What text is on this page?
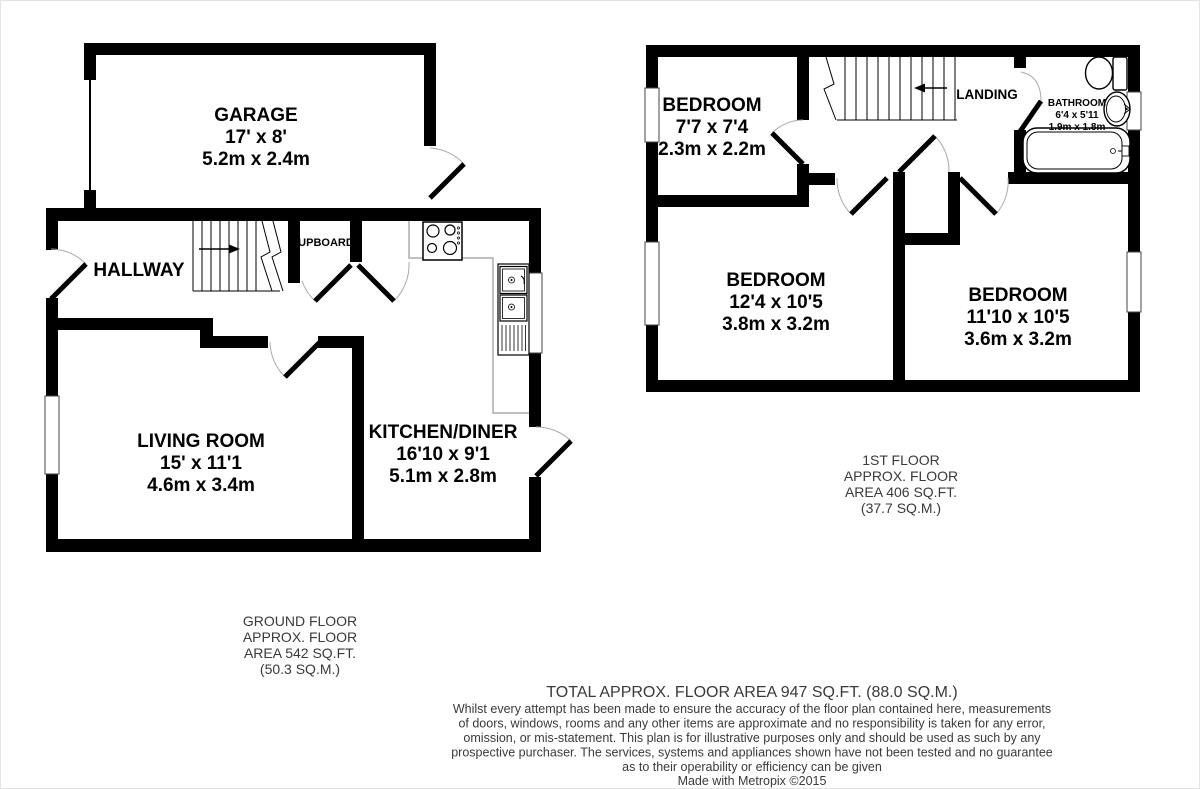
GARAGE
17' x 8'
5.2m x 2.4m
HALLWAY
CUPBOARD
LIVING ROOM
15' x 11'1
4.6m x 3.4m
KITCHEN/DINER
16'10 x 9'1
5.1m x 2.8m
GROUND FLOOR
APPROX. FLOOR
AREA 542 SQ.FT.
(50.3 SQ.M.)
BEDROOM
7'7 x 7'4
2.3m x 2.2m
LANDING
BATHROOM
6'4 x 5'11
1.9m x 1.8m
BEDROOM
12'4 x 10'5
3.8m x 3.2m
BEDROOM
11'10 x 10'5
3.6m x 3.2m
1ST FLOOR
APPROX. FLOOR
AREA 406 SQ.FT.
(37.7 SQ.M.)
TOTAL APPROX. FLOOR AREA 947 SQ.FT. (88.0 SQ.M.)
Whilst every attempt has been made to ensure the accuracy of the floor plan contained here, measurements
of doors, windows, rooms and any other items are approximate and no responsibility is taken for any error,
omission, or mis-statement. This plan is for illustrative purposes only and should be used as such by any
prospective purchaser. The services, systems and appliances shown have not been tested and no guarantee
as to their operability or efficiency can be given
Made with Metropix ©2015
